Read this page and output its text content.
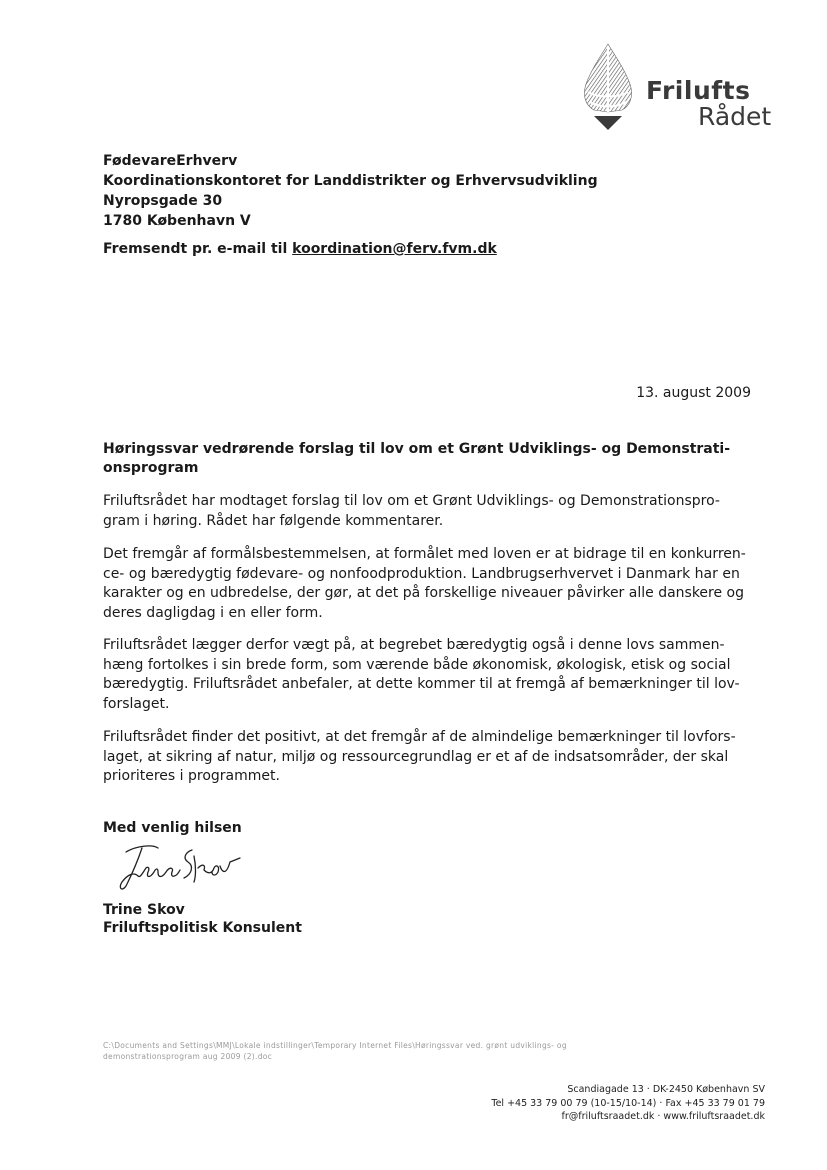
Frilufts
Rådet
FødevareErhverv
Koordinationskontoret for Landdistrikter og Erhvervsudvikling
Nyropsgade 30
1780 København V
Fremsendt pr. e-mail til koordination@ferv.fvm.dk
13. august 2009
Høringssvar vedrørende forslag til lov om et Grønt Udviklings- og Demonstrati-
onsprogram
Friluftsrådet har modtaget forslag til lov om et Grønt Udviklings- og Demonstrationspro-
gram i høring. Rådet har følgende kommentarer.
Det fremgår af formålsbestemmelsen, at formålet med loven er at bidrage til en konkurren-
ce- og bæredygtig fødevare- og nonfoodproduktion. Landbrugserhvervet i Danmark har en
karakter og en udbredelse, der gør, at det på forskellige niveauer påvirker alle danskere og
deres dagligdag i en eller form.
Friluftsrådet lægger derfor vægt på, at begrebet bæredygtig også i denne lovs sammen-
hæng fortolkes i sin brede form, som værende både økonomisk, økologisk, etisk og social
bæredygtig. Friluftsrådet anbefaler, at dette kommer til at fremgå af bemærkninger til lov-
forslaget.
Friluftsrådet finder det positivt, at det fremgår af de almindelige bemærkninger til lovfors-
laget, at sikring af natur, miljø og ressourcegrundlag er et af de indsatsområder, der skal
prioriteres i programmet.
Med venlig hilsen
Trine Skov
Friluftspolitisk Konsulent
C:\Documents and Settings\MMJ\Lokale indstillinger\Temporary Internet Files\Høringssvar ved. grønt udviklings- og
demonstrationsprogram aug 2009 (2).doc
Scandiagade 13 · DK-2450 København SV
Tel +45 33 79 00 79 (10-15/10-14) · Fax +45 33 79 01 79
fr@friluftsraadet.dk · www.friluftsraadet.dk
